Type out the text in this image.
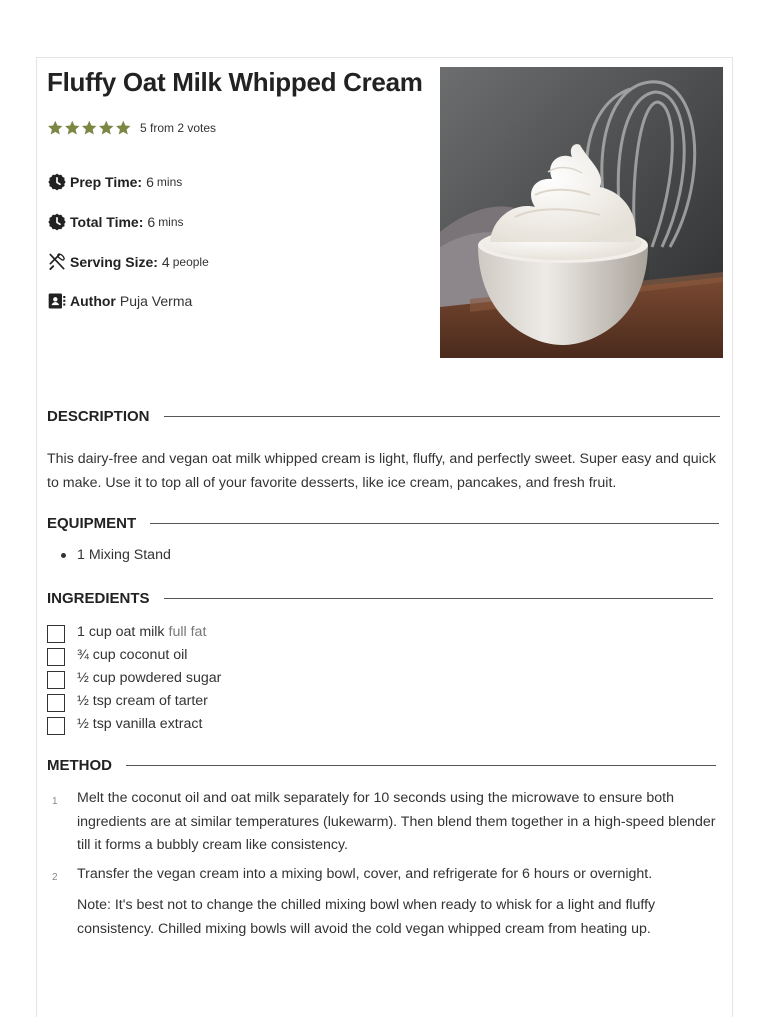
Fluffy Oat Milk Whipped Cream
5 from 2 votes
Prep Time: 6 mins
Total Time: 6 mins
Serving Size: 4 people
Author Puja Verma
DESCRIPTION

This dairy-free and vegan oat milk whipped cream is light, fluffy, and perfectly sweet. Super easy and quick to make. Use it to top all of your favorite desserts, like ice cream, pancakes, and fresh fruit.

EQUIPMENT
1 Mixing Stand
INGREDIENTS
1 cup oat milk full fat
¾ cup coconut oil
½ cup powdered sugar
½ tsp cream of tarter
½ tsp vanilla extract
METHOD
1	Melt the coconut oil and oat milk separately for 10 seconds using the microwave to ensure both ingredients are at similar temperatures (lukewarm). Then blend them together in a high-speed blender till it forms a bubbly cream like consistency.
2	Transfer the vegan cream into a mixing bowl, cover, and refrigerate for 6 hours or overnight.

Note: It's best not to change the chilled mixing bowl when ready to whisk for a light and fluffy consistency. Chilled mixing bowls will avoid the cold vegan whipped cream from heating up.
